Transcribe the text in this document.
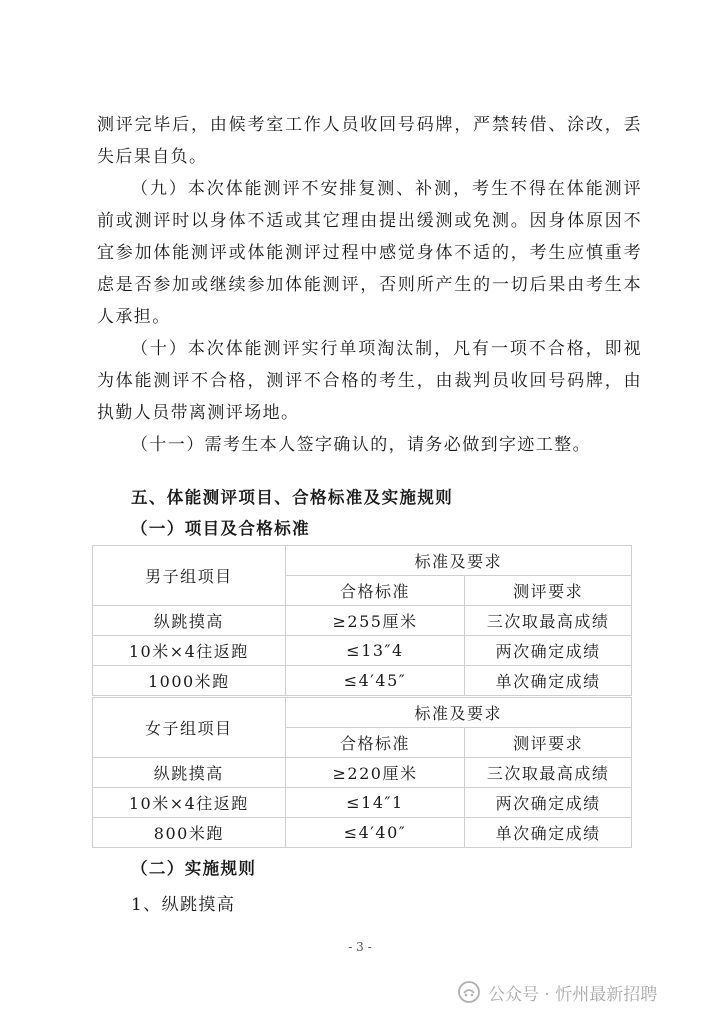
测评完毕后，由候考室工作人员收回号码牌，严禁转借、涂改，丢失后果自负。

（九）本次体能测评不安排复测、补测，考生不得在体能测评前或测评时以身体不适或其它理由提出缓测或免测。因身体原因不宜参加体能测评或体能测评过程中感觉身体不适的，考生应慎重考虑是否参加或继续参加体能测评，否则所产生的一切后果由考生本人承担。

（十）本次体能测评实行单项淘汰制，凡有一项不合格，即视为体能测评不合格，测评不合格的考生，由裁判员收回号码牌，由执勤人员带离测评场地。

（十一）需考生本人签字确认的，请务必做到字迹工整。

五、体能测评项目、合格标准及实施规则

（一）项目及合格标准

男子组项目	标准及要求	
	合格标准	测评要求
纵跳摸高	≥255厘米	三次取最高成绩
10米×4往返跑	≤13″4	两次确定成绩
1000米跑	≤4′45″	单次确定成绩
女子组项目	标准及要求	
	合格标准	测评要求
纵跳摸高	≥220厘米	三次取最高成绩
10米×4往返跑	≤14″1	两次确定成绩
800米跑	≤4′40″	单次确定成绩

（二）实施规则

1、纵跳摸高

- 3 -
公众号 · 忻州最新招聘
